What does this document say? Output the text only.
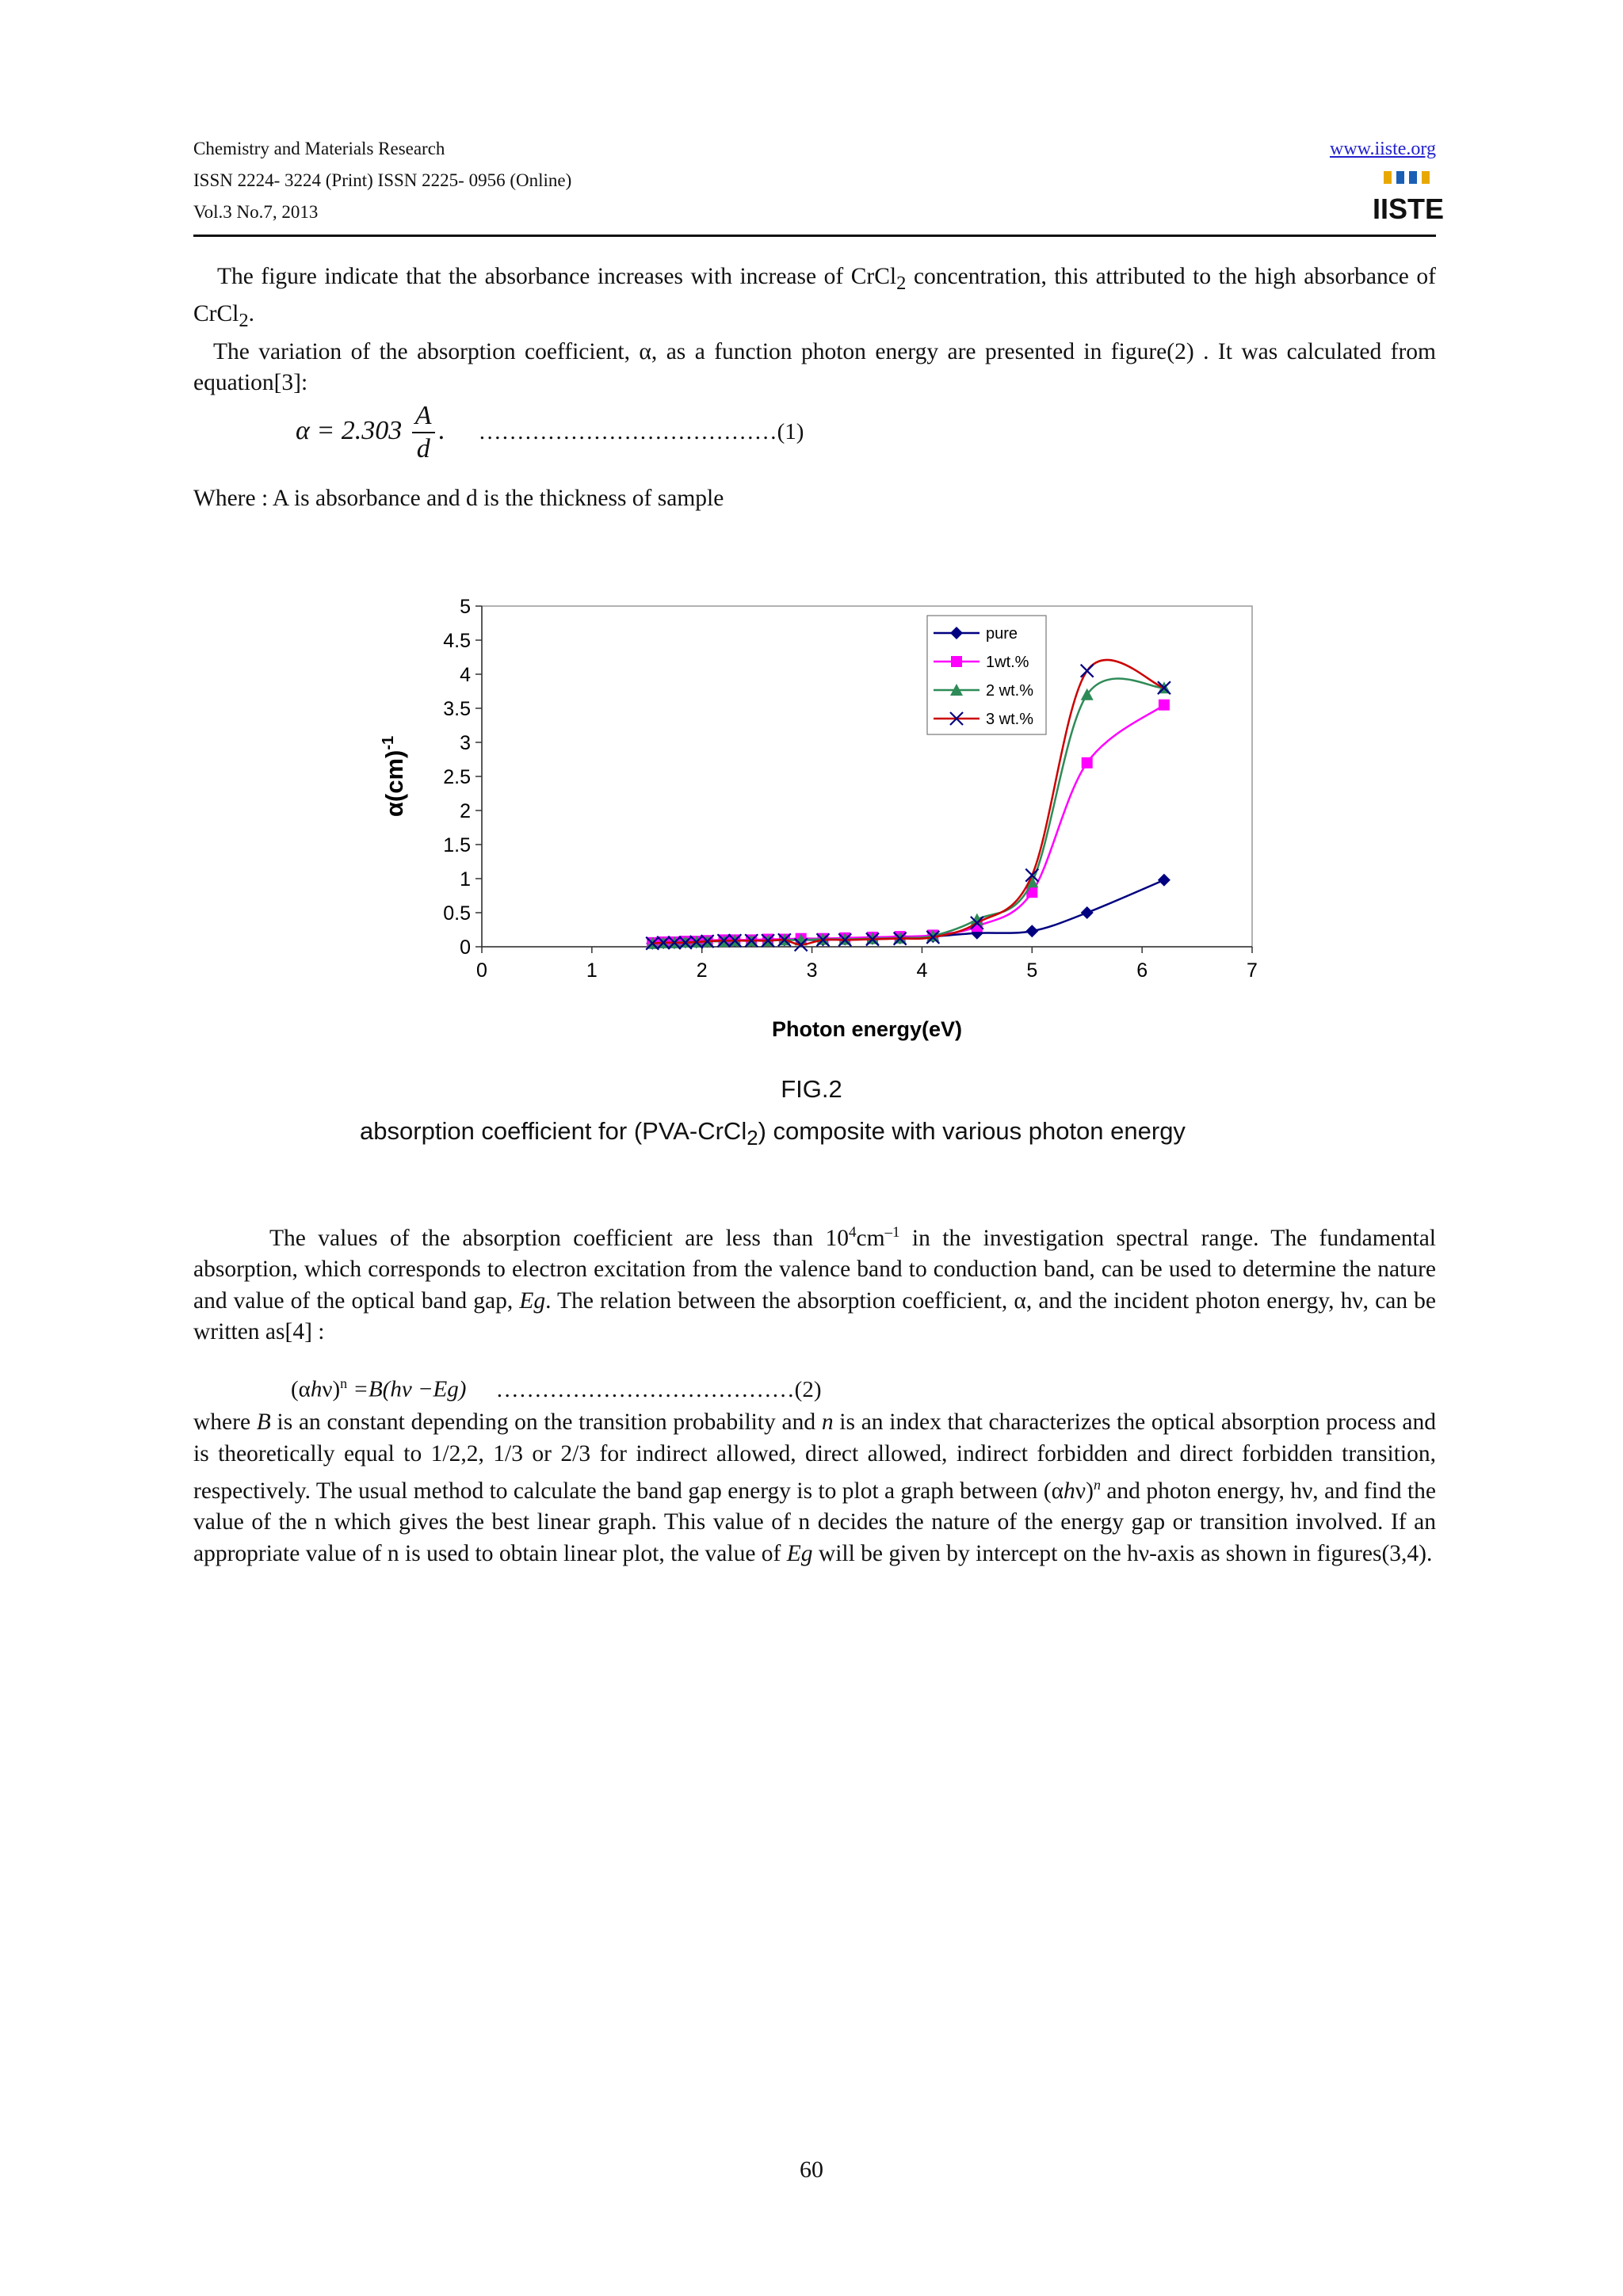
Chemistry and Materials Research
ISSN 2224- 3224 (Print) ISSN 2225- 0956 (Online)
Vol.3 No.7, 2013
www.iiste.org
IISTE

The figure indicate that the absorbance increases with increase of CrCl$_2$ concentration, this attributed to the high absorbance of CrCl$_2$.

The variation of the absorption coefficient, α, as a function photon energy are presented in figure(2) . It was calculated from equation[3]:

$\alpha = 2.303 \frac{A}{d}$ . …………………………………(1)
Where : A is absorbance and d is the thickness of sample
0	1	2	3	4	5	6	7
0
0.5
1
1.5
2
2.5
3
3.5
4
4.5
5
Photon energy(eV)
α(cm)$^{-1}$
pure
1wt.%
2 wt.%
3 wt.%
FIG.2
absorption coefficient for (PVA-CrCl$_2$) composite with various photon energy

The values of the absorption coefficient are less than $10^4cm^{-1}$ in the investigation spectral range. The fundamental absorption, which corresponds to electron excitation from the valence band to conduction band, can be used to determine the nature and value of the optical band gap, Eg. The relation between the absorption coefficient, α, and the incident photon energy, hν, can be written as[4] :

$(\alpha h\nu)^n =B(h\nu -Eg)$ …………………………………(2)

where B is an constant depending on the transition probability and n is an index that characterizes the optical absorption process and is theoretically equal to 1/2,2, 1/3 or 2/3 for indirect allowed, direct allowed, indirect forbidden and direct forbidden transition, respectively. The usual method to calculate the band gap energy is to plot a graph between $(\alpha h\nu)^n$ and photon energy, hν, and find the value of the n which gives the best linear graph. This value of n decides the nature of the energy gap or transition involved. If an appropriate value of n is used to obtain linear plot, the value of Eg will be given by intercept on the hν-axis as shown in figures(3,4).

60
